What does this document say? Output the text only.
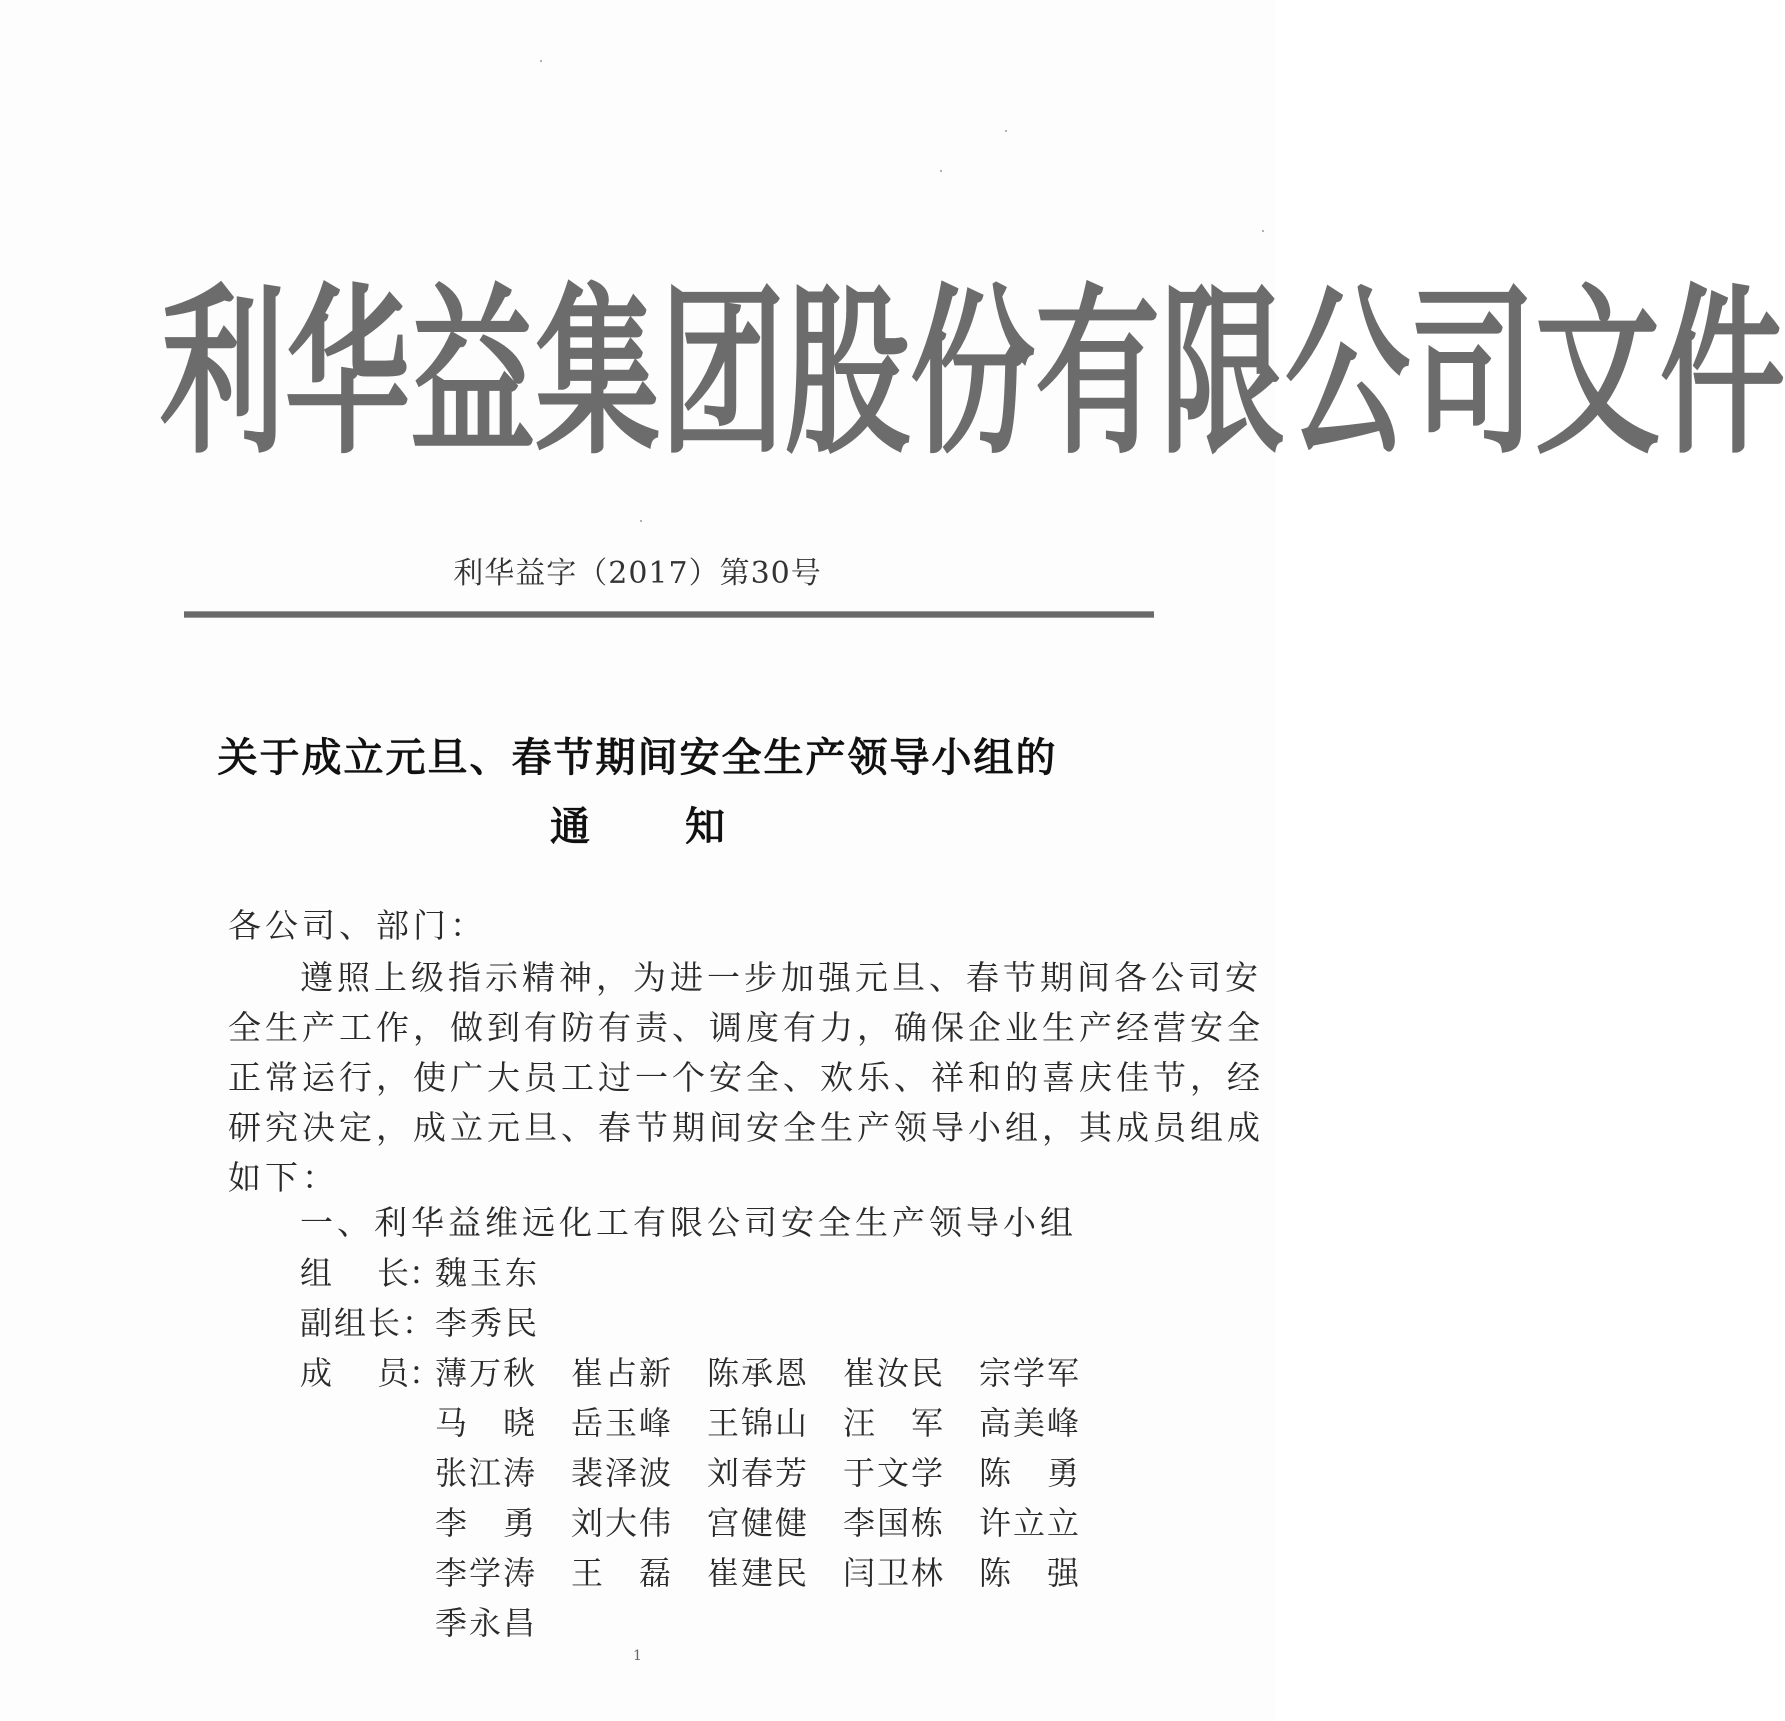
利 华 益 集 团 股 份 有 限 公 司 文 件
利华益字（2017）第30号
关于成立元旦、春节期间安全生产领导小组的
通 知
各公司、部门：
遵照上级指示精神，为进一步加强元旦、春节期间各公司安
全生产工作，做到有防有责、调度有力，确保企业生产经营安全
正常运行，使广大员工过一个安全、欢乐、祥和的喜庆佳节，经
研究决定，成立元旦、春节期间安全生产领导小组，其成员组成
如下：
一、利华益维远化工有限公司安全生产领导小组
组 长：
魏玉东
副组长：
李秀民
成 员：
薄万秋 崔占新 陈承恩 崔汝民 宗学军
马 晓 岳玉峰 王锦山 汪 军 高美峰
张江涛 裴泽波 刘春芳 于文学 陈 勇
李 勇 刘大伟 宫健健 李国栋 许立立
李学涛 王 磊 崔建民 闫卫林 陈 强
季永昌
1
